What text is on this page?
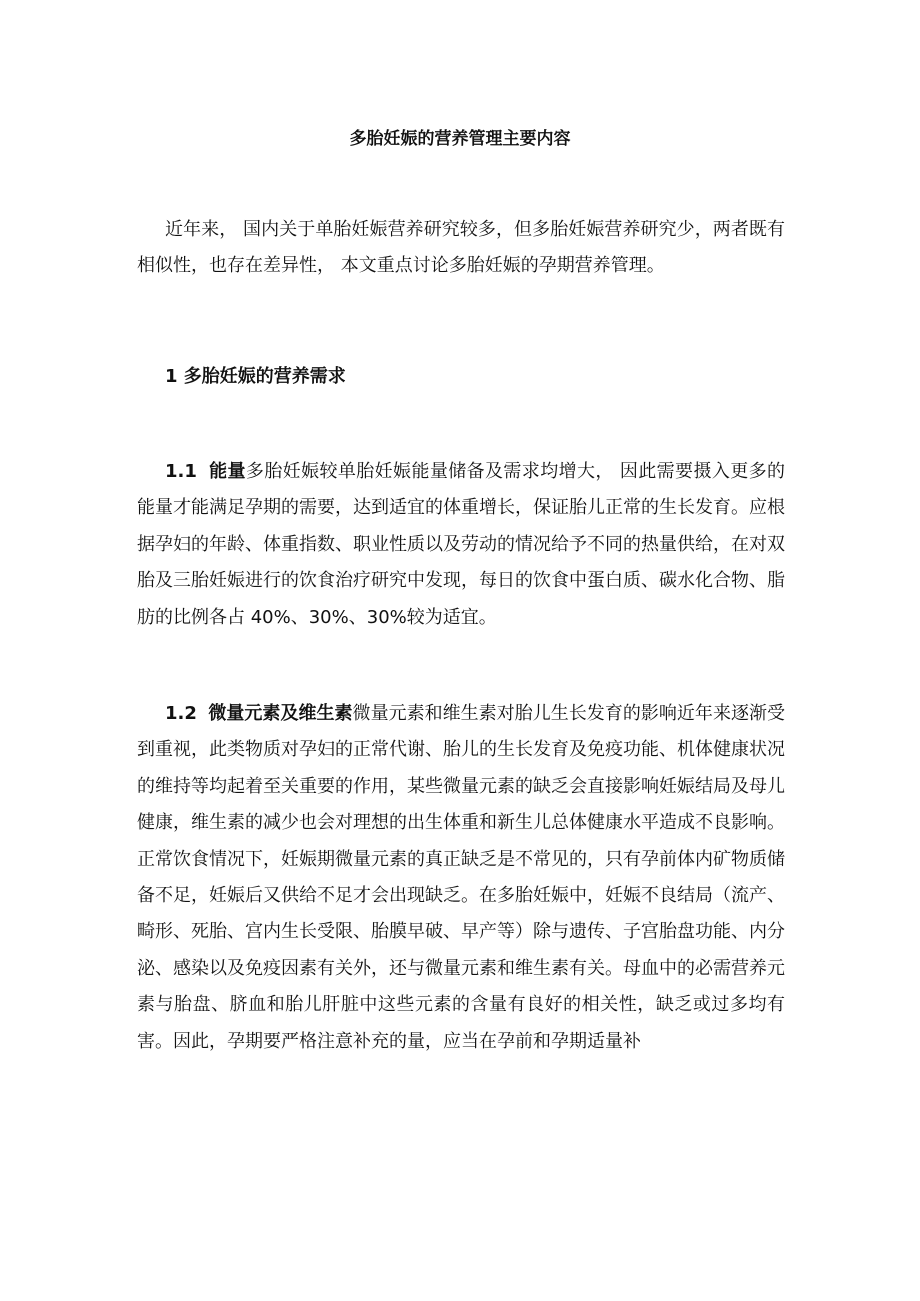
多胎妊娠的营养管理主要内容

近年来， 国内关于单胎妊娠营养研究较多，但多胎妊娠营养研究少，两者既有相似性，也存在差异性， 本文重点讨论多胎妊娠的孕期营养管理。

1 多胎妊娠的营养需求

1.1 能量多胎妊娠较单胎妊娠能量储备及需求均增大， 因此需要摄入更多的能量才能满足孕期的需要，达到适宜的体重增长，保证胎儿正常的生长发育。应根据孕妇的年龄、体重指数、职业性质以及劳动的情况给予不同的热量供给，在对双胎及三胎妊娠进行的饮食治疗研究中发现，每日的饮食中蛋白质、碳水化合物、脂肪的比例各占 40%、30%、30%较为适宜。

1.2 微量元素及维生素微量元素和维生素对胎儿生长发育的影响近年来逐渐受到重视，此类物质对孕妇的正常代谢、胎儿的生长发育及免疫功能、机体健康状况的维持等均起着至关重要的作用，某些微量元素的缺乏会直接影响妊娠结局及母儿健康，维生素的减少也会对理想的出生体重和新生儿总体健康水平造成不良影响。正常饮食情况下，妊娠期微量元素的真正缺乏是不常见的，只有孕前体内矿物质储备不足，妊娠后又供给不足才会出现缺乏。在多胎妊娠中，妊娠不良结局（流产、畸形、死胎、宫内生长受限、胎膜早破、早产等）除与遗传、子宫胎盘功能、内分泌、感染以及免疫因素有关外，还与微量元素和维生素有关。母血中的必需营养元素与胎盘、脐血和胎儿肝脏中这些元素的含量有良好的相关性，缺乏或过多均有害。因此，孕期要严格注意补充的量，应当在孕前和孕期适量补
